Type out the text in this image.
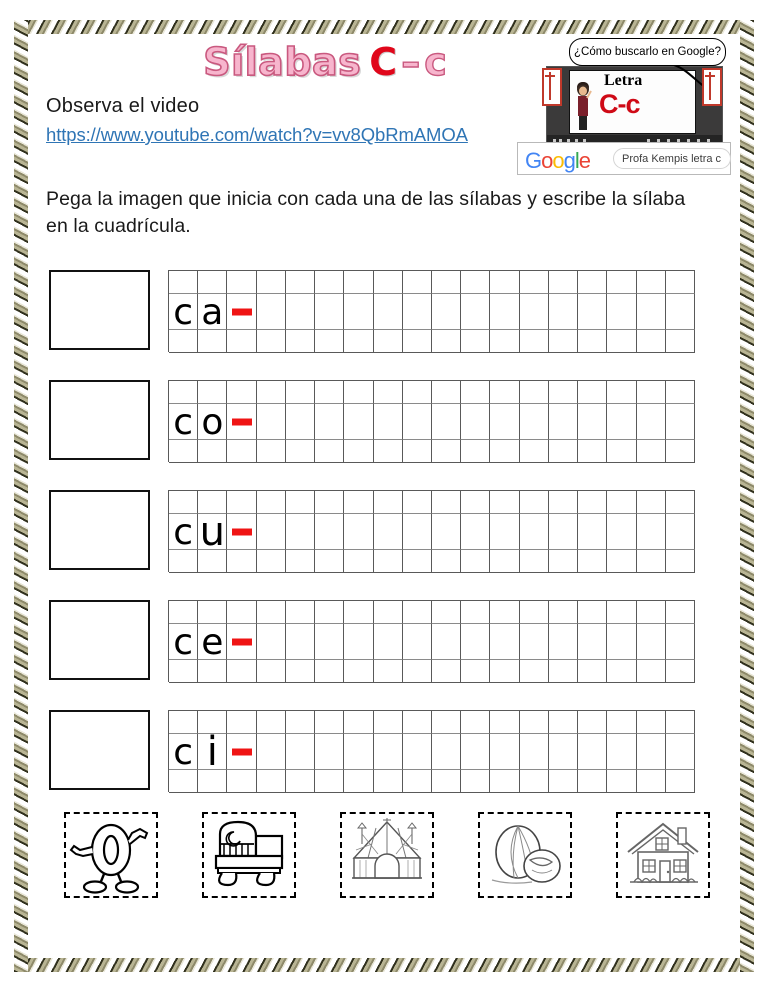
Sílabas C – c
Observa el video
https://www.youtube.com/watch?v=vv8QbRmAMOA
Pega la imagen que inicia con cada una de las sílabas y escribe la sílaba en la cuadrícula.
¿Cómo buscarlo en Google?
Letra
C-c
Google	Profa Kempis letra c
c a
c o
c u
c e
c i
